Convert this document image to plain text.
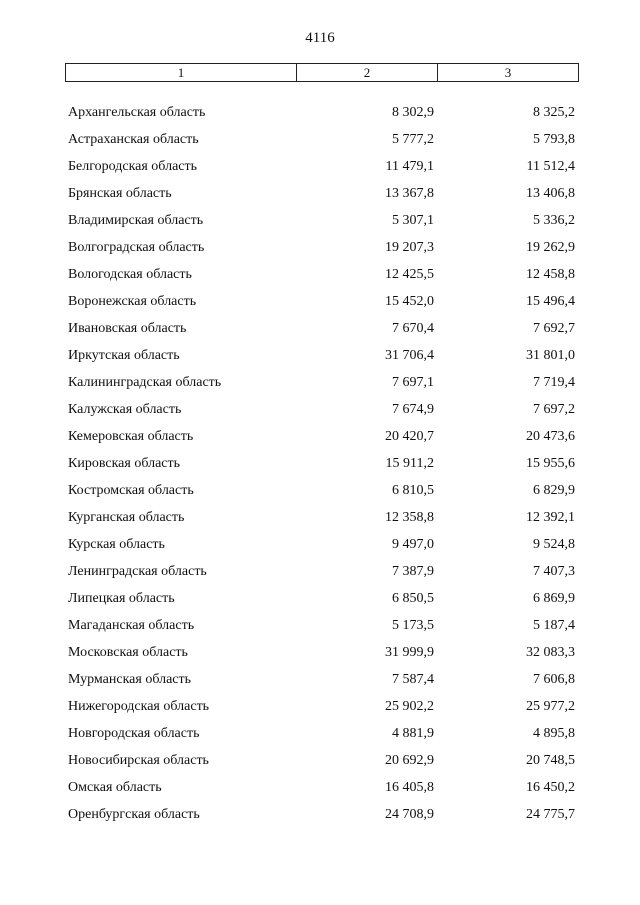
4116
1	2	3
Архангельская область	8 302,9	8 325,2
Астраханская область	5 777,2	5 793,8
Белгородская область	11 479,1	11 512,4
Брянская область	13 367,8	13 406,8
Владимирская область	5 307,1	5 336,2
Волгоградская область	19 207,3	19 262,9
Вологодская область	12 425,5	12 458,8
Воронежская область	15 452,0	15 496,4
Ивановская область	7 670,4	7 692,7
Иркутская область	31 706,4	31 801,0
Калининградская область	7 697,1	7 719,4
Калужская область	7 674,9	7 697,2
Кемеровская область	20 420,7	20 473,6
Кировская область	15 911,2	15 955,6
Костромская область	6 810,5	6 829,9
Курганская область	12 358,8	12 392,1
Курская область	9 497,0	9 524,8
Ленинградская область	7 387,9	7 407,3
Липецкая область	6 850,5	6 869,9
Магаданская область	5 173,5	5 187,4
Московская область	31 999,9	32 083,3
Мурманская область	7 587,4	7 606,8
Нижегородская область	25 902,2	25 977,2
Новгородская область	4 881,9	4 895,8
Новосибирская область	20 692,9	20 748,5
Омская область	16 405,8	16 450,2
Оренбургская область	24 708,9	24 775,7
